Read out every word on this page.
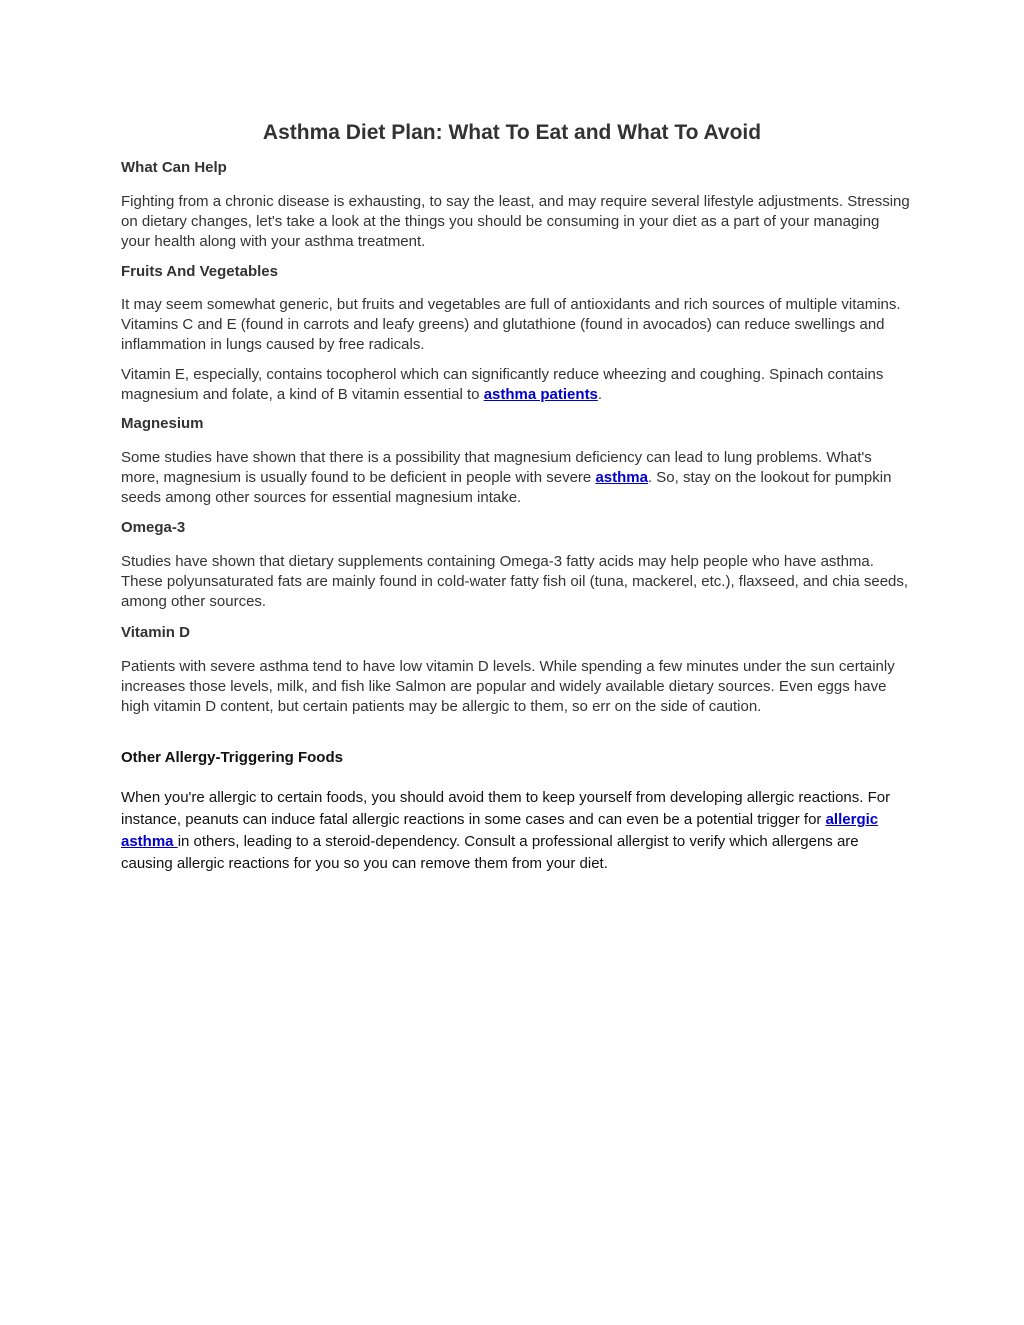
Asthma Diet Plan: What To Eat and What To Avoid
What Can Help

Fighting from a chronic disease is exhausting, to say the least, and may require several lifestyle adjustments. Stressing on dietary changes, let's take a look at the things you should be consuming in your diet as a part of your managing your health along with your asthma treatment.

Fruits And Vegetables

It may seem somewhat generic, but fruits and vegetables are full of antioxidants and rich sources of multiple vitamins. Vitamins C and E (found in carrots and leafy greens) and glutathione (found in avocados) can reduce swellings and inflammation in lungs caused by free radicals.

Vitamin E, especially, contains tocopherol which can significantly reduce wheezing and coughing. Spinach contains magnesium and folate, a kind of B vitamin essential to asthma patients.

Magnesium

Some studies have shown that there is a possibility that magnesium deficiency can lead to lung problems. What's more, magnesium is usually found to be deficient in people with severe asthma. So, stay on the lookout for pumpkin seeds among other sources for essential magnesium intake.

Omega-3

Studies have shown that dietary supplements containing Omega-3 fatty acids may help people who have asthma. These polyunsaturated fats are mainly found in cold-water fatty fish oil (tuna, mackerel, etc.), flaxseed, and chia seeds, among other sources.

Vitamin D

Patients with severe asthma tend to have low vitamin D levels. While spending a few minutes under the sun certainly increases those levels, milk, and fish like Salmon are popular and widely available dietary sources. Even eggs have high vitamin D content, but certain patients may be allergic to them, so err on the side of caution.

Other Allergy-Triggering Foods

When you're allergic to certain foods, you should avoid them to keep yourself from developing allergic reactions. For instance, peanuts can induce fatal allergic reactions in some cases and can even be a potential trigger for allergic asthma in others, leading to a steroid-dependency. Consult a professional allergist to verify which allergens are causing allergic reactions for you so you can remove them from your diet.
